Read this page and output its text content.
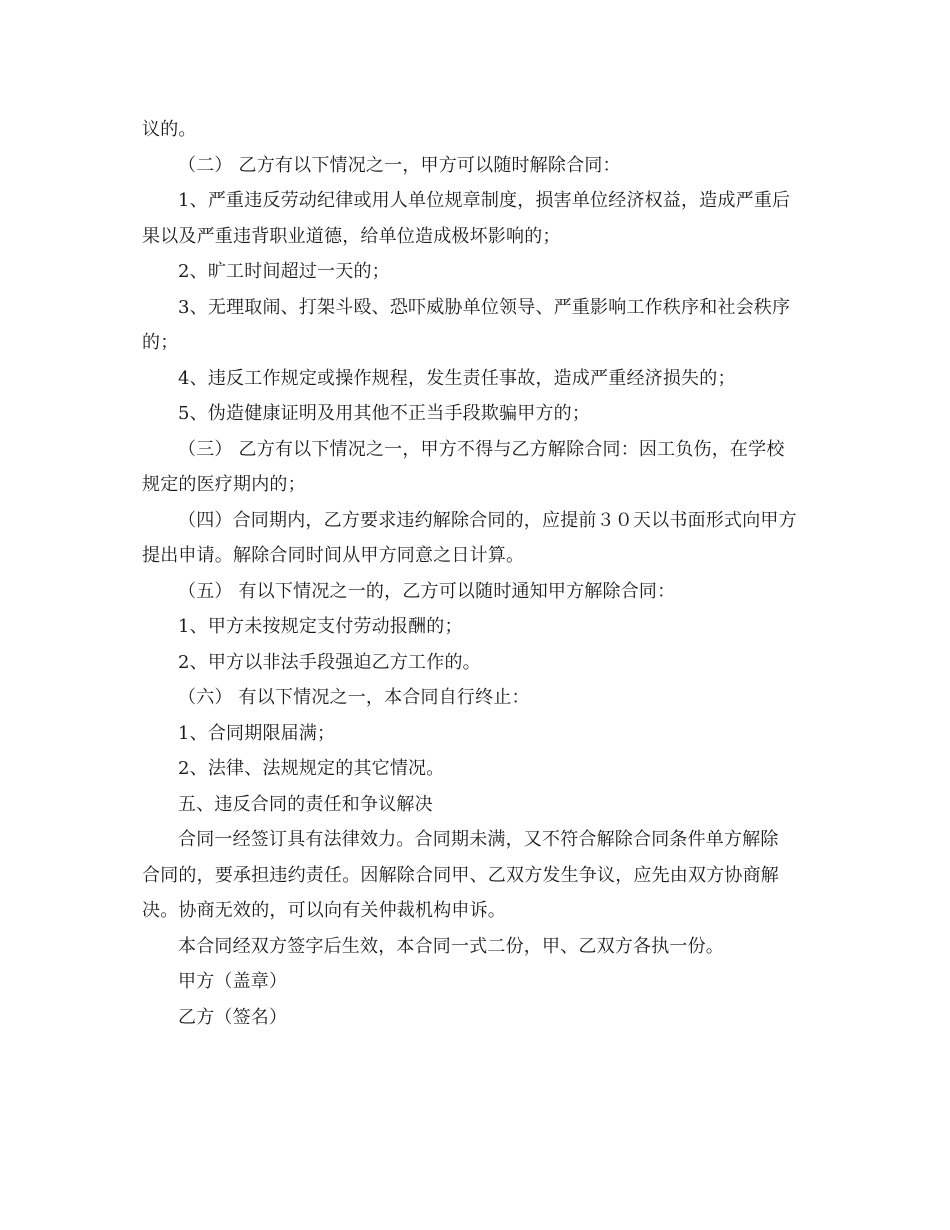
议的。
（二） 乙方有以下情况之一，甲方可以随时解除合同：
1、严重违反劳动纪律或用人单位规章制度，损害单位经济权益，造成严重后
果以及严重违背职业道德，给单位造成极坏影响的；
2、旷工时间超过一天的；
3、无理取闹、打架斗殴、恐吓威胁单位领导、严重影响工作秩序和社会秩序
的；
4、违反工作规定或操作规程，发生责任事故，造成严重经济损失的；
5、伪造健康证明及用其他不正当手段欺骗甲方的；
（三） 乙方有以下情况之一，甲方不得与乙方解除合同：因工负伤，在学校
规定的医疗期内的；
（四）合同期内，乙方要求违约解除合同的，应提前３０天以书面形式向甲方
提出申请。解除合同时间从甲方同意之日计算。
（五） 有以下情况之一的，乙方可以随时通知甲方解除合同：
1、甲方未按规定支付劳动报酬的；
2、甲方以非法手段强迫乙方工作的。
（六） 有以下情况之一，本合同自行终止：
1、合同期限届满；
2、法律、法规规定的其它情况。
五、违反合同的责任和争议解决
合同一经签订具有法律效力。合同期未满，又不符合解除合同条件单方解除
合同的，要承担违约责任。因解除合同甲、乙双方发生争议，应先由双方协商解
决。协商无效的，可以向有关仲裁机构申诉。
本合同经双方签字后生效，本合同一式二份，甲、乙双方各执一份。
甲方（盖章）
乙方（签名）
